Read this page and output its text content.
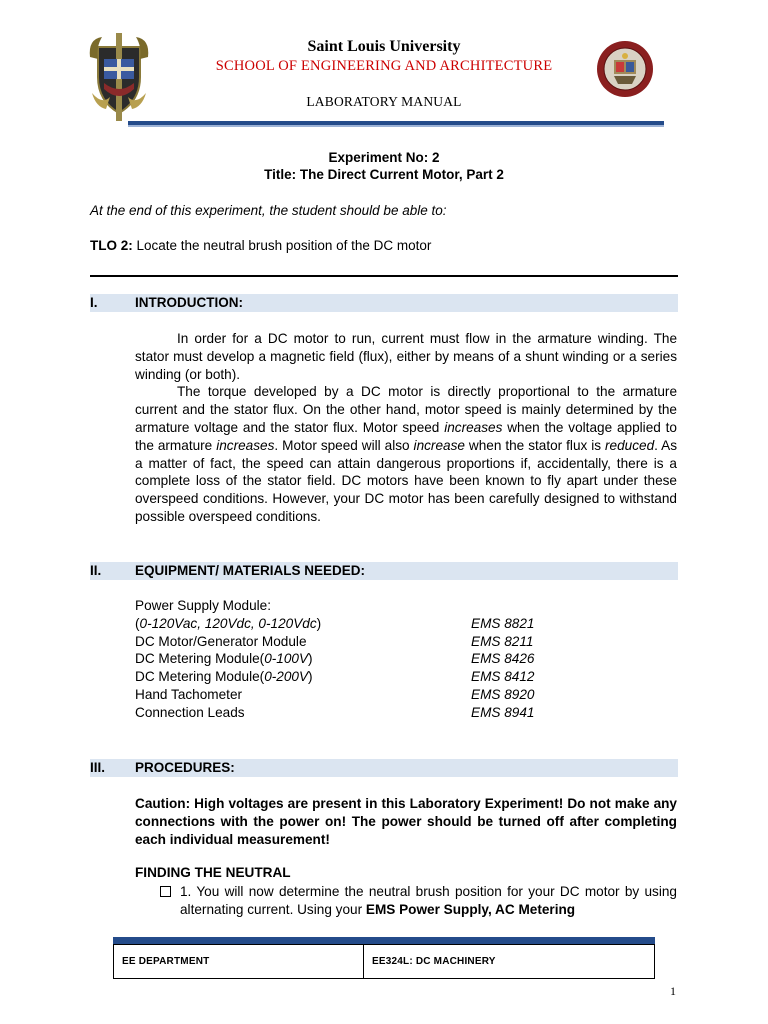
Saint Louis University
SCHOOL OF ENGINEERING AND ARCHITECTURE
LABORATORY MANUAL
Experiment No: 2
Title: The Direct Current Motor, Part 2
At the end of this experiment, the student should be able to:
TLO 2: Locate the neutral brush position of the DC motor
I.	INTRODUCTION:

In order for a DC motor to run, current must flow in the armature winding. The stator must develop a magnetic field (flux), either by means of a shunt winding or a series winding (or both).

The torque developed by a DC motor is directly proportional to the armature current and the stator flux. On the other hand, motor speed is mainly determined by the armature voltage and the stator flux. Motor speed increases when the voltage applied to the armature increases. Motor speed will also increase when the stator flux is reduced. As a matter of fact, the speed can attain dangerous proportions if, accidentally, there is a complete loss of the stator field. DC motors have been known to fly apart under these overspeed conditions. However, your DC motor has been carefully designed to withstand possible overspeed conditions.

II. EQUIPMENT/ MATERIALS NEEDED:
Power Supply Module:
(0-120Vac, 120Vdc, 0-120Vdc)	EMS 8821
DC Motor/Generator Module	EMS 8211
DC Metering Module(0-100V)	EMS 8426
DC Metering Module(0-200V)	EMS 8412
Hand Tachometer	EMS 8920
Connection Leads	EMS 8941
III. PROCEDURES:
Caution: High voltages are present in this Laboratory Experiment! Do not make any connections with the power on! The power should be turned off after completing each individual measurement!
FINDING THE NEUTRAL
1. You will now determine the neutral brush position for your DC motor by using alternating current. Using your EMS Power Supply, AC Metering
EE DEPARTMENT	EE324L: DC MACHINERY
1
